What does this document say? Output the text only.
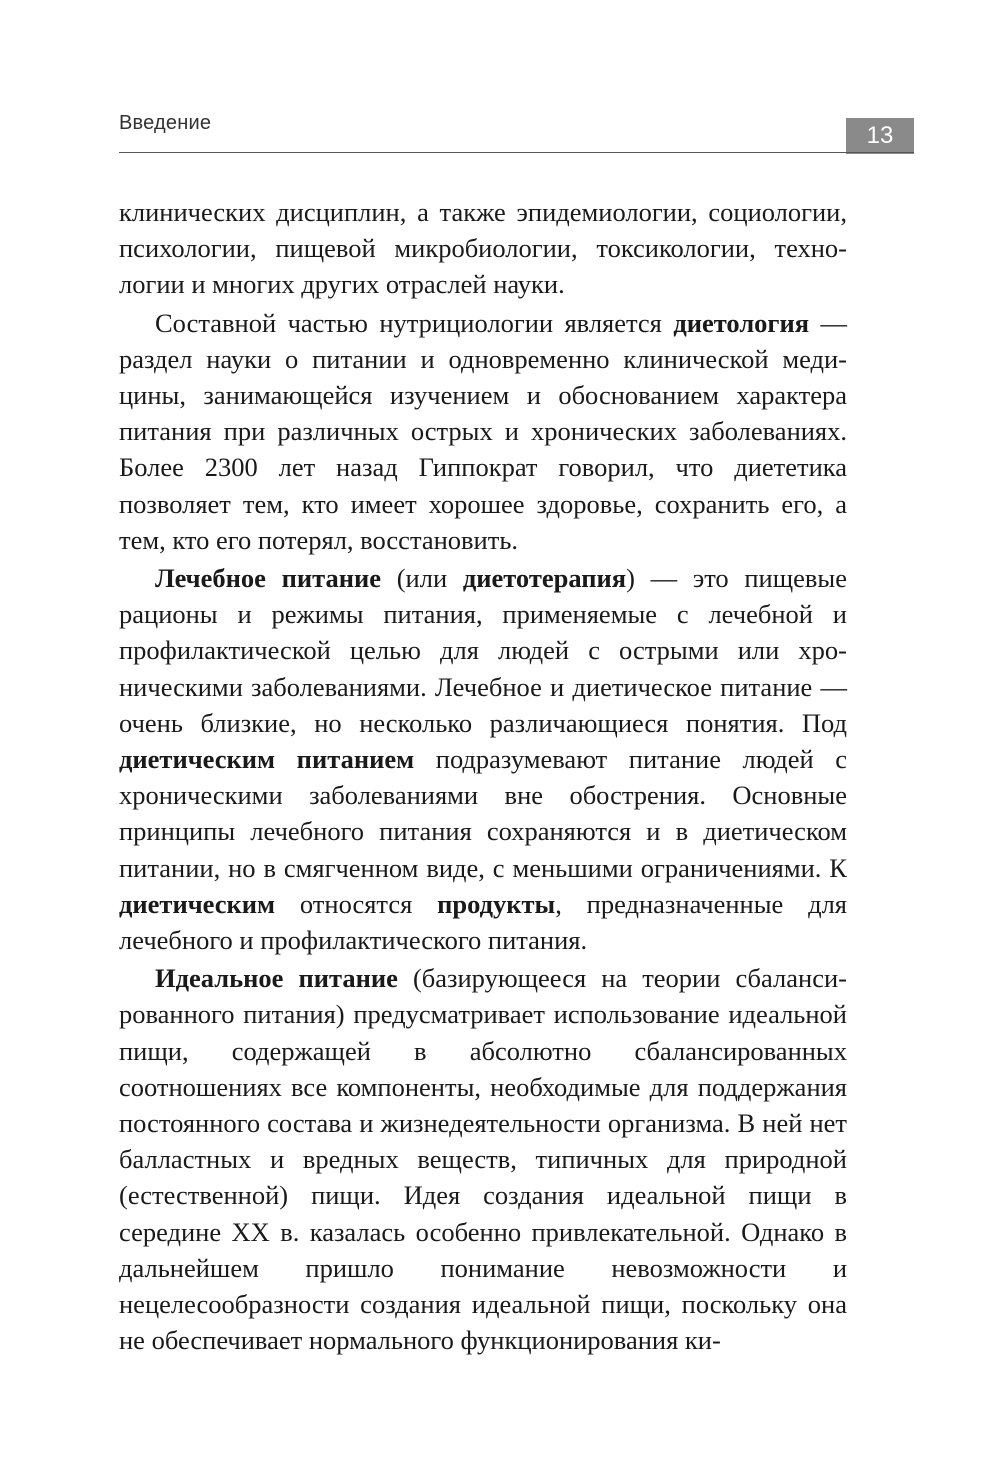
Введение	13

клинических дисциплин, а также эпидемиологии, социологии, психологии, пищевой микробиологии, токсикологии, технологии и многих других отраслей науки.

Составной частью нутрициологии является диетология — раздел науки о питании и одновременно клинической медицины, занимающейся изучением и обоснованием характера питания при различных острых и хронических заболеваниях. Более 2300 лет назад Гиппократ говорил, что диететика позволяет тем, кто имеет хорошее здоровье, сохранить его, а тем, кто его потерял, восстановить.

Лечебное питание (или диетотерапия) — это пищевые рационы и режимы питания, применяемые с лечебной и профилактической целью для людей с острыми или хроническими заболеваниями. Лечебное и диетическое питание — очень близкие, но несколько различающиеся понятия. Под диетическим питанием подразумевают питание людей с хроническими заболеваниями вне обострения. Основные принципы лечебного питания сохраняются и в диетическом питании, но в смягченном виде, с меньшими ограничениями. К диетическим относятся продукты, предназначенные для лечебного и профилактического питания.

Идеальное питание (базирующееся на теории сбалансированного питания) предусматривает использование идеальной пищи, содержащей в абсолютно сбалансированных соотношениях все компоненты, необходимые для поддержания постоянного состава и жизнедеятельности организма. В ней нет балластных и вредных веществ, типичных для природной (естественной) пищи. Идея создания идеальной пищи в середине XX в. казалась особенно привлекательной. Однако в дальнейшем пришло понимание невозможности и нецелесообразности создания идеальной пищи, поскольку она не обеспечивает нормального функционирования ки-
